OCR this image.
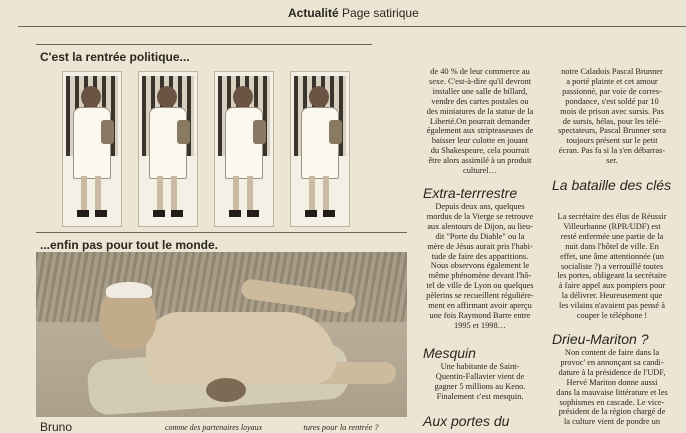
Actualité Page satirique
C'est la rentrée politique...
...enfin pas pour tout le monde.
Bruno	comme des partenaires loyaux	tures pour la rentrée ?

de 40 % de leur commerce au

sexe. C'est-à-dire qu'il devront

installer une salle de billard,

vendre des cartes postales ou

des miniatures de la statue de la

Liberté.On pourrait demander

également aux stripteaseuses de

baisser leur culotte en jouant

du Shakespeare, cela pourrait

être alors assimilé à un produit

culturel…

Extra-terrrestre

Depuis deux ans, quelques

mordus de la Vierge se retrouve

aux alentours de Dijon, au lieu-

dit "Porte du Diable" ou la

mère de Jésus aurait pris l'habi-

tude de faire des apparitions.

Nous observons également le

même phénomène devant l'hô-

tel de ville de Lyon ou quelques

pèlerins se recueillent réguliére-

ment en affirmant avoir aperçu

une fois Raymond Barre entre

1995 et 1998…

Mesquin

Une habitante de Saint-

Quentin-Fallavier vient de

gagner 5 millions au Keno.

Finalement c'est mesquin.

Aux portes du

notre Caladois Pascal Brunner

a porté plainte et cet amour

passionné, par voie de corres-

pondance, s'est soldé par 10

mois de prison avec sursis. Pas

de sursis, hélas, pour les télé-

spectateurs, Pascal Brunner sera

toujours présent sur le petit

écran. Pas fa si la s'en débarras-

ser.

La bataille des clés

La secrétaire des élus de Réussir

Villeurbanne (RPR/UDF) est

resté enfermée une partie de la

nuit dans l'hôtel de ville. En

effet, une âme attentionnée (un

socialiste ?) a verrouillé toutes

les portes, obligeant la secrétaire

à faire appel aux pompiers pour

la délivrer. Heureusement que

les vilains n'avaient pas pensé à

couper le téléphone !

Drieu-Mariton ?

Non content de faire dans la

provoc' en annonçant sa candi-

dature à la présidence de l'UDF,

Hervé Mariton donne aussi

dans la mauvaise littérature et les

sophismes en cascade. Le vice-

président de la région chargé de

la culture vient de pondre un
